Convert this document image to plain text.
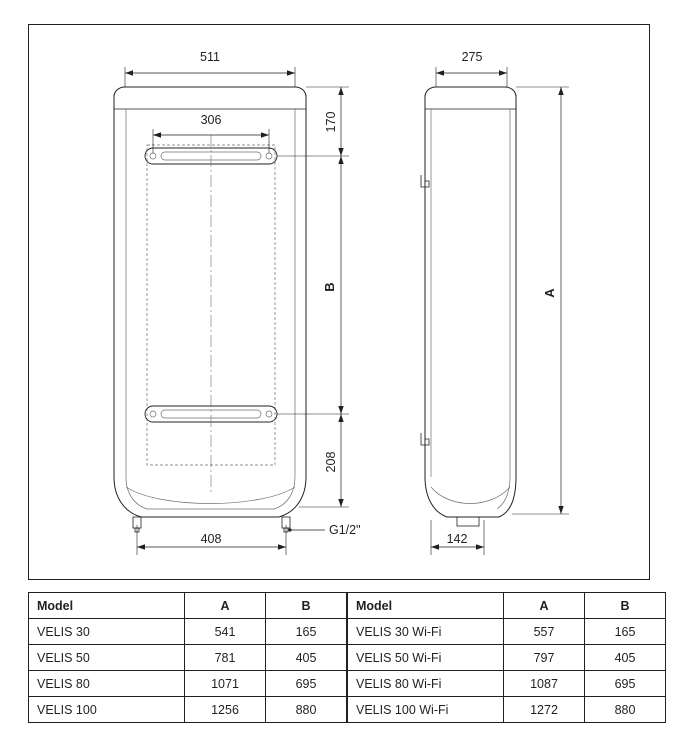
511
306	170
B
208
408
G1/2"
275
A
142
Model	A	B
VELIS 30	541	165
VELIS 50	781	405
VELIS 80	1071	695
VELIS 100	1256	880
Model	A	B
VELIS 30 Wi-Fi	557	165
VELIS 50 Wi-Fi	797	405
VELIS 80 Wi-Fi	1087	695
VELIS 100 Wi-Fi	1272	880
